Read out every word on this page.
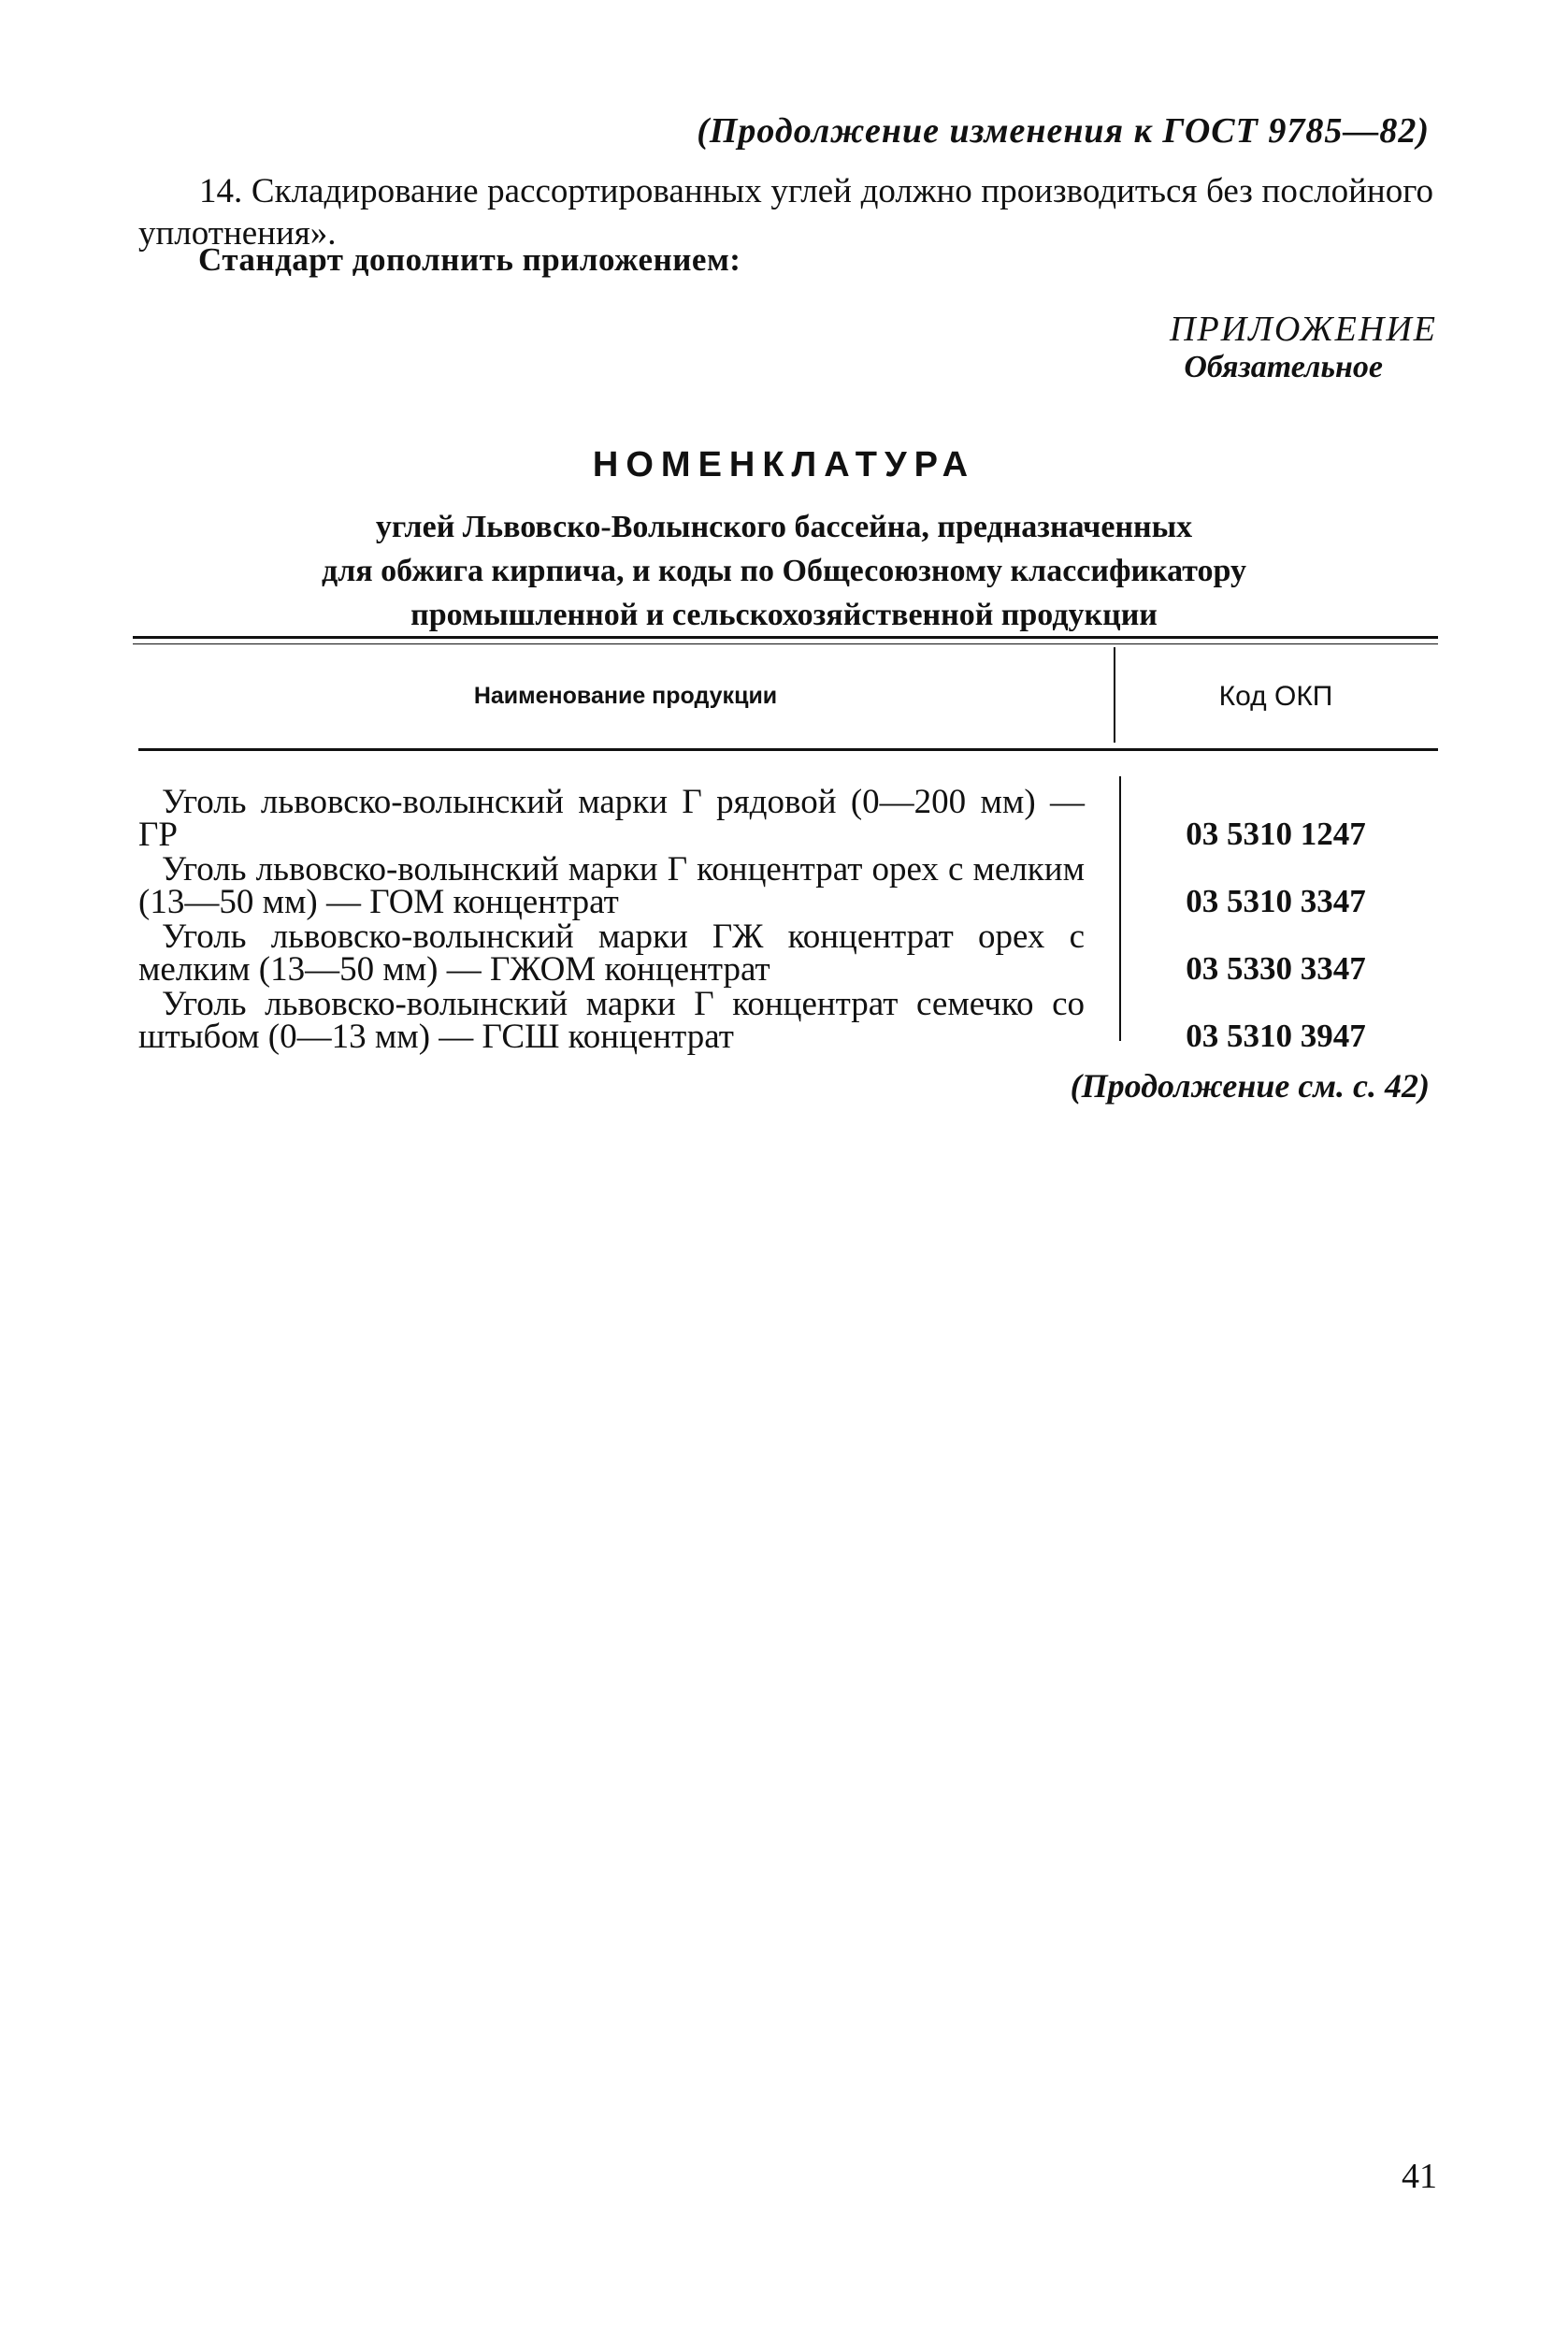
(Продолжение изменения к ГОСТ 9785—82)

14. Складирование рассортированных углей должно производиться без послойного уплотнения».

Стандарт дополнить приложением:
ПРИЛОЖЕНИЕ
Обязательное
НОМЕНКЛАТУРА
углей Львовско-Волынского бассейна, предназначенных
для обжига кирпича, и коды по Общесоюзному классификатору
промышленной и сельскохозяйственной продукции
Наименование продукции	Код ОКП
Уголь львовско-волынский марки Г рядовой (0—200 мм) — ГР	03 5310 1247
Уголь львовско-волынский марки Г концентрат орех с мелким (13—50 мм) — ГОМ концентрат	03 5310 3347
Уголь львовско-волынский марки ГЖ концентрат орех с мелким (13—50 мм) — ГЖОМ концентрат	03 5330 3347
Уголь львовско-волынский марки Г концентрат семечко со штыбом (0—13 мм) — ГСШ концентрат	03 5310 3947
(Продолжение см. с. 42)
41
